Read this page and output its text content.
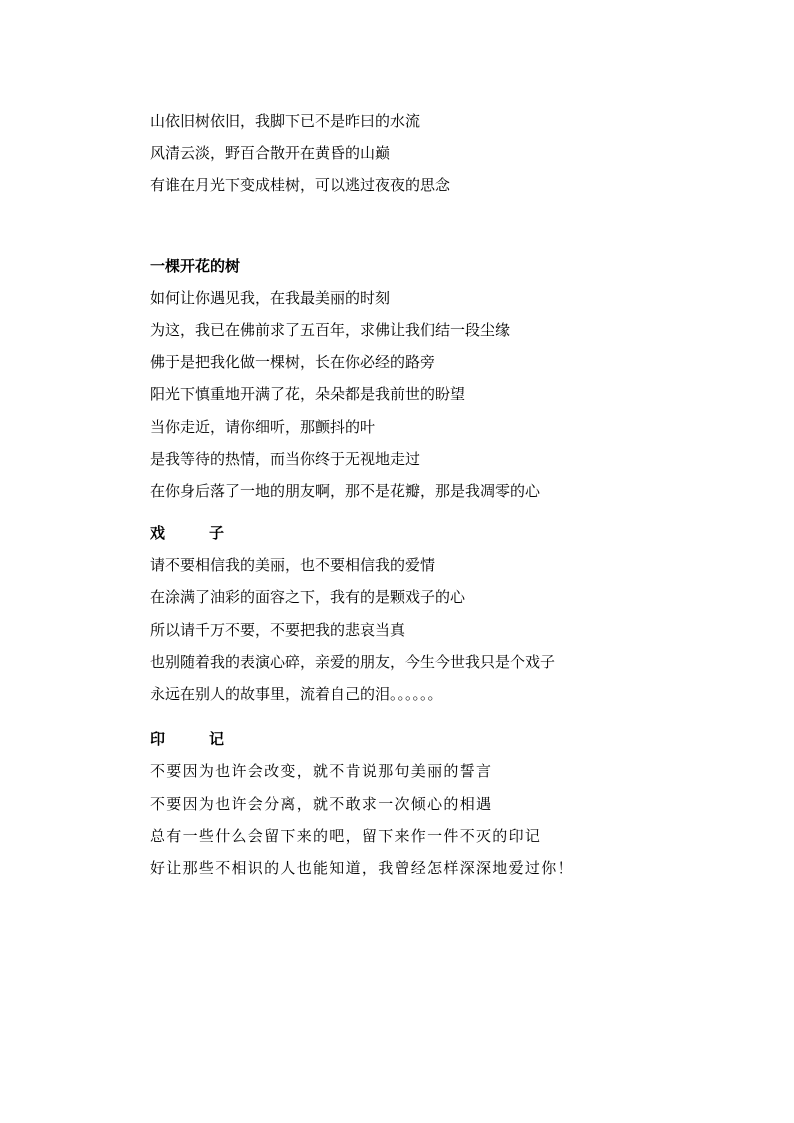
山依旧树依旧，我脚下已不是昨曰的水流
风清云淡，野百合散开在黄昏的山巅
有谁在月光下变成桂树，可以逃过夜夜的思念
一棵开花的树
如何让你遇见我，在我最美丽的时刻
为这，我已在佛前求了五百年，求佛让我们结一段尘缘
佛于是把我化做一棵树，长在你必经的路旁
阳光下慎重地开满了花，朵朵都是我前世的盼望
当你走近，请你细听，那颤抖的叶
是我等待的热情，而当你终于无视地走过
在你身后落了一地的朋友啊，那不是花瓣，那是我凋零的心
戏	子
请不要相信我的美丽，也不要相信我的爱情
在涂满了油彩的面容之下，我有的是颗戏子的心
所以请千万不要，不要把我的悲哀当真
也别随着我的表演心碎，亲爱的朋友，今生今世我只是个戏子
永远在别人的故事里，流着自己的泪。。。。。。
印	记
不要因为也许会改变，就不肯说那句美丽的誓言
不要因为也许会分离，就不敢求一次倾心的相遇
总有一些什么会留下来的吧，留下来作一件不灭的印记
好让那些不相识的人也能知道，我曾经怎样深深地爱过你！
